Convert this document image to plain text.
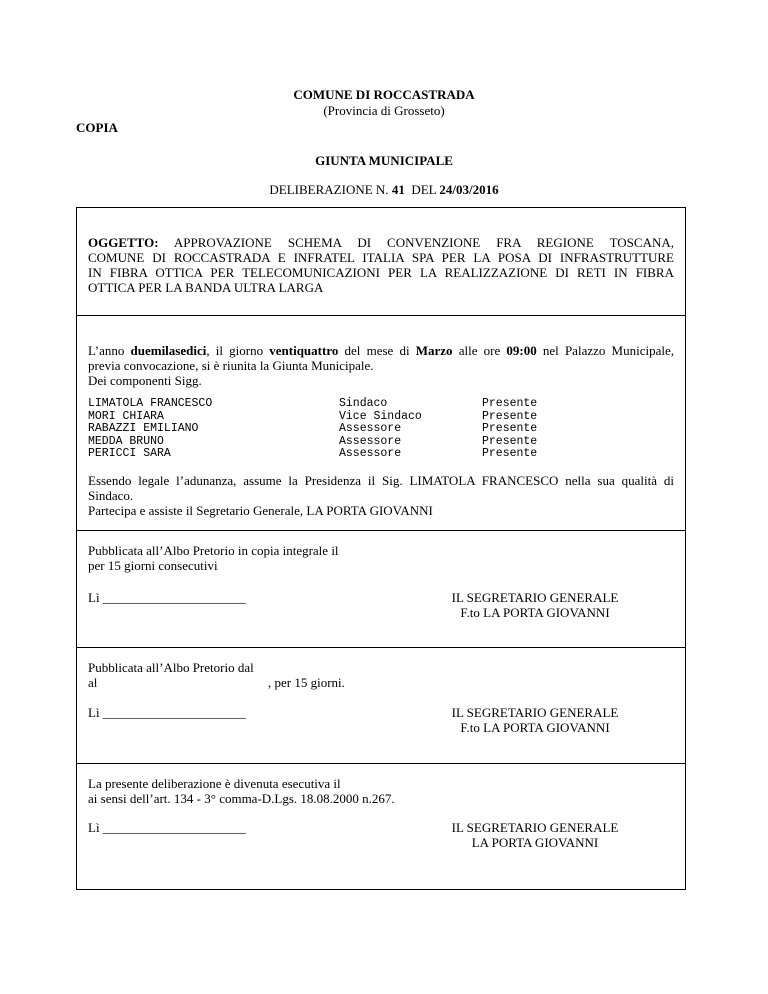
COMUNE DI ROCCASTRADA
(Provincia di Grosseto)
COPIA
GIUNTA MUNICIPALE
DELIBERAZIONE N. 41 DEL 24/03/2016
OGGETTO: APPROVAZIONE SCHEMA DI CONVENZIONE FRA REGIONE TOSCANA,
COMUNE DI ROCCASTRADA E INFRATEL ITALIA SPA PER LA POSA DI INFRASTRUTTURE
IN FIBRA OTTICA PER TELECOMUNICAZIONI PER LA REALIZZAZIONE DI RETI IN FIBRA
OTTICA PER LA BANDA ULTRA LARGA
L’anno duemilasedici, il giorno ventiquattro del mese di Marzo alle ore 09:00 nel Palazzo Municipale,
previa convocazione, si è riunita la Giunta Municipale.
Dei componenti Sigg.
LIMATOLA FRANCESCO	Sindaco	Presente
MORI CHIARA	Vice Sindaco	Presente
RABAZZI EMILIANO	Assessore	Presente
MEDDA BRUNO	Assessore	Presente
PERICCI SARA	Assessore	Presente
Essendo legale l’adunanza, assume la Presidenza il Sig. LIMATOLA FRANCESCO nella sua qualità di
Sindaco.
Partecipa e assiste il Segretario Generale, LA PORTA GIOVANNI
Pubblicata all’Albo Pretorio in copia integrale il
per 15 giorni consecutivi
Lì ______________________	IL SEGRETARIO GENERALE
F.to LA PORTA GIOVANNI
Pubblicata all’Albo Pretorio dal
al	, per 15 giorni.
Lì ______________________	IL SEGRETARIO GENERALE
F.to LA PORTA GIOVANNI
La presente deliberazione è divenuta esecutiva il
ai sensi dell’art. 134 - 3° comma-D.Lgs. 18.08.2000 n.267.
Lì ______________________	IL SEGRETARIO GENERALE
LA PORTA GIOVANNI
